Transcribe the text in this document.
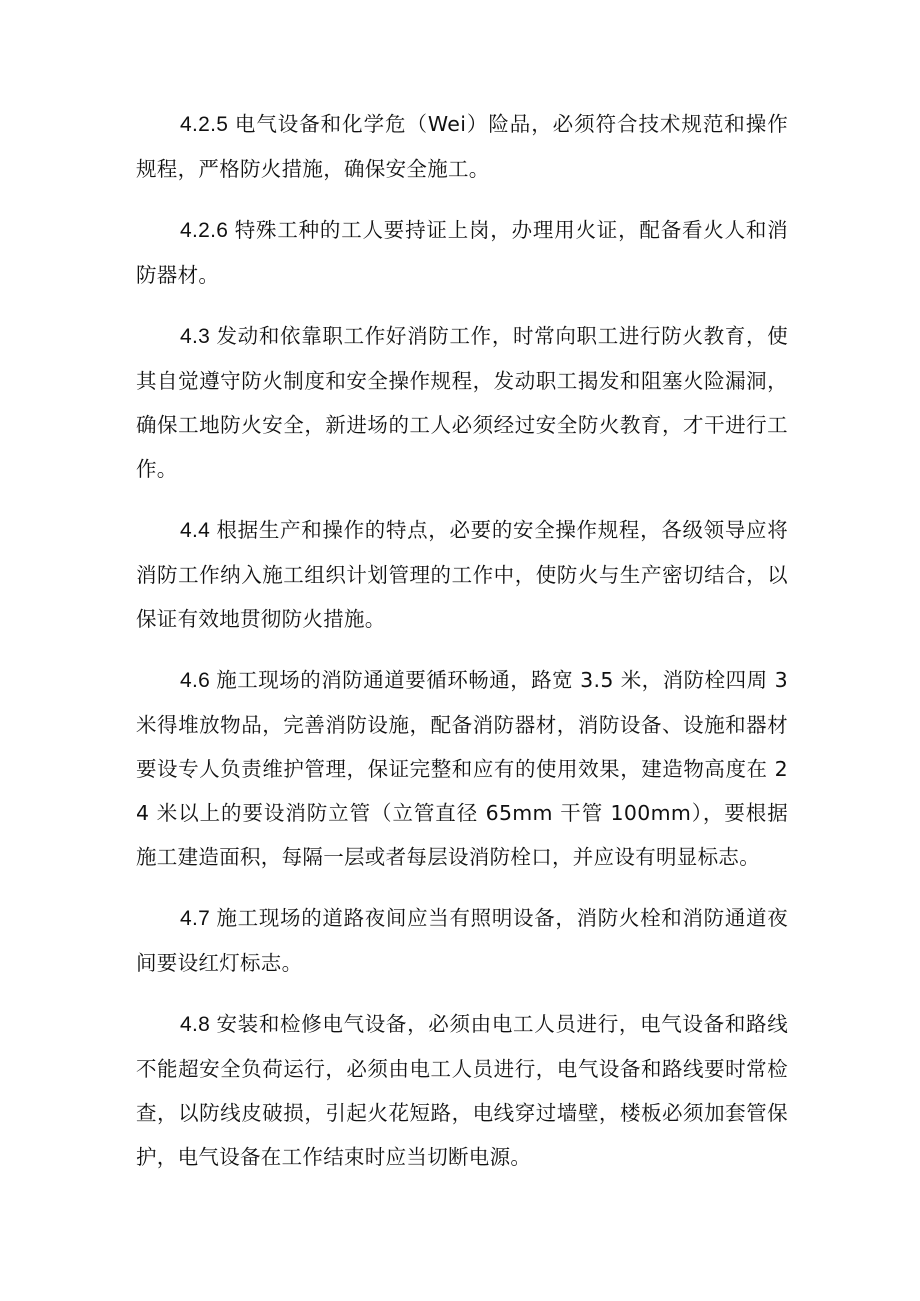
4.2.5 电气设备和化学危（Wei）险品，必须符合技术规范和操作规程，严格防火措施，确保安全施工。

4.2.6 特殊工种的工人要持证上岗，办理用火证，配备看火人和消防器材。

4.3 发动和依靠职工作好消防工作，时常向职工进行防火教育，使其自觉遵守防火制度和安全操作规程，发动职工揭发和阻塞火险漏洞，确保工地防火安全，新进场的工人必须经过安全防火教育，才干进行工作。

4.4 根据生产和操作的特点，必要的安全操作规程，各级领导应将消防工作纳入施工组织计划管理的工作中，使防火与生产密切结合，以保证有效地贯彻防火措施。

4.6 施工现场的消防通道要循环畅通，路宽 3.5 米，消防栓四周 3 米得堆放物品，完善消防设施，配备消防器材，消防设备、设施和器材要设专人负责维护管理，保证完整和应有的使用效果，建造物高度在 24 米以上的要设消防立管（立管直径 65mm 干管 100mm），要根据施工建造面积，每隔一层或者每层设消防栓口，并应设有明显标志。

4.7 施工现场的道路夜间应当有照明设备，消防火栓和消防通道夜间要设红灯标志。

4.8 安装和检修电气设备，必须由电工人员进行，电气设备和路线不能超安全负荷运行，必须由电工人员进行，电气设备和路线要时常检查，以防线皮破损，引起火花短路，电线穿过墙壁，楼板必须加套管保护，电气设备在工作结束时应当切断电源。
